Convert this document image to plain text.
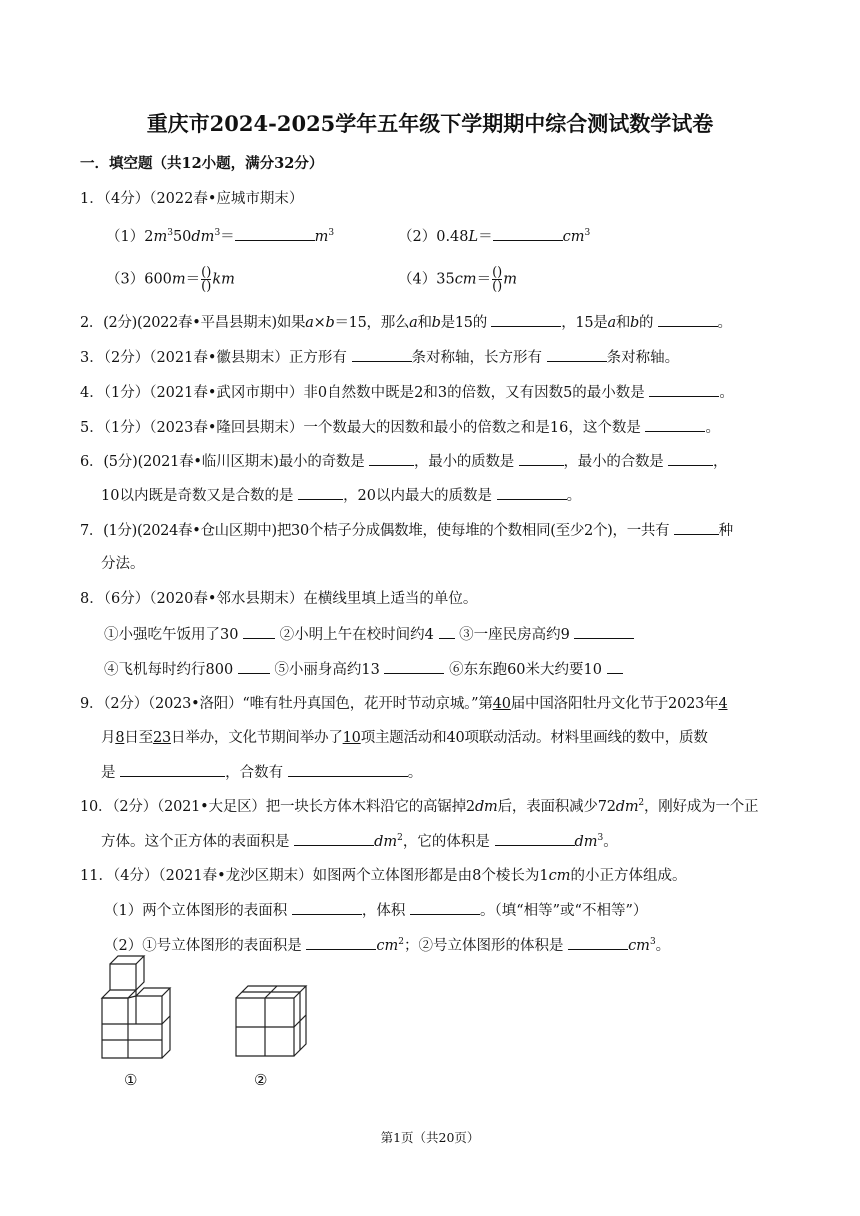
重庆市2024-2025学年五年级下学期期中综合测试数学试卷
一．填空题（共12小题，满分32分）
1．（4分）（2022春•应城市期末）
$(1)2m^350dm^3=$	$m^3$	（2）0.48L＝	$cm^3$
$(3)600m= \frac{()}{()}$ km	$(4)35cm= \frac{()}{()}$ m
2．(2分)(2022春•平昌县期末)如果a×b＝15，那么a和b是15的	，15是a和b的	。
3．（2分）（2021春•徽县期末）正方形有	条对称轴，长方形有	条对称轴。
4．（1分）（2021春•武冈市期中）非0自然数中既是2和3的倍数，又有因数5的最小数是	。
5．（1分）（2023春•隆回县期末）一个数最大的因数和最小的倍数之和是16，这个数是	。
6．(5分)(2021春•临川区期末)最小的奇数是	，最小的质数是	，最小的合数是	，
10以内既是奇数又是合数的是	，20以内最大的质数是	。
7．(1分)(2024春•仓山区期中)把30个桔子分成偶数堆，使每堆的个数相同(至少2个)，一共有	种
分法。
8．（6分）（2020春•邻水县期末）在横线里填上适当的单位。
①小强吃午饭用了30	②小明上午在校时间约4 ③一座民房高约9
④飞机每时约行800	⑤小丽身高约13	⑥东东跑60米大约要10
9．（2分）（2023•洛阳）“唯有牡丹真国色，花开时节动京城。”第40届中国洛阳牡丹文化节于2023年4
月8日至23日举办，文化节期间举办了10项主题活动和40项联动活动。材料里画线的数中，质数
是	，合数有	。
10．（2分）（2021•大足区）把一块长方体木料沿它的高锯掉2dm后，表面积减少$72dm^2$，刚好成为一个正
方体。这个正方体的表面积是	$dm^2$，它的体积是	$dm^3$。
11．（4分）（2021春•龙沙区期末）如图两个立体图形都是由8个棱长为1cm的小正方体组成。
（1）两个立体图形的表面积	，体积	。（填“相等”或“不相等”）
（2）①号立体图形的表面积是	$cm^2$；②号立体图形的体积是	$cm^3$。
①	②
第1页（共20页）
